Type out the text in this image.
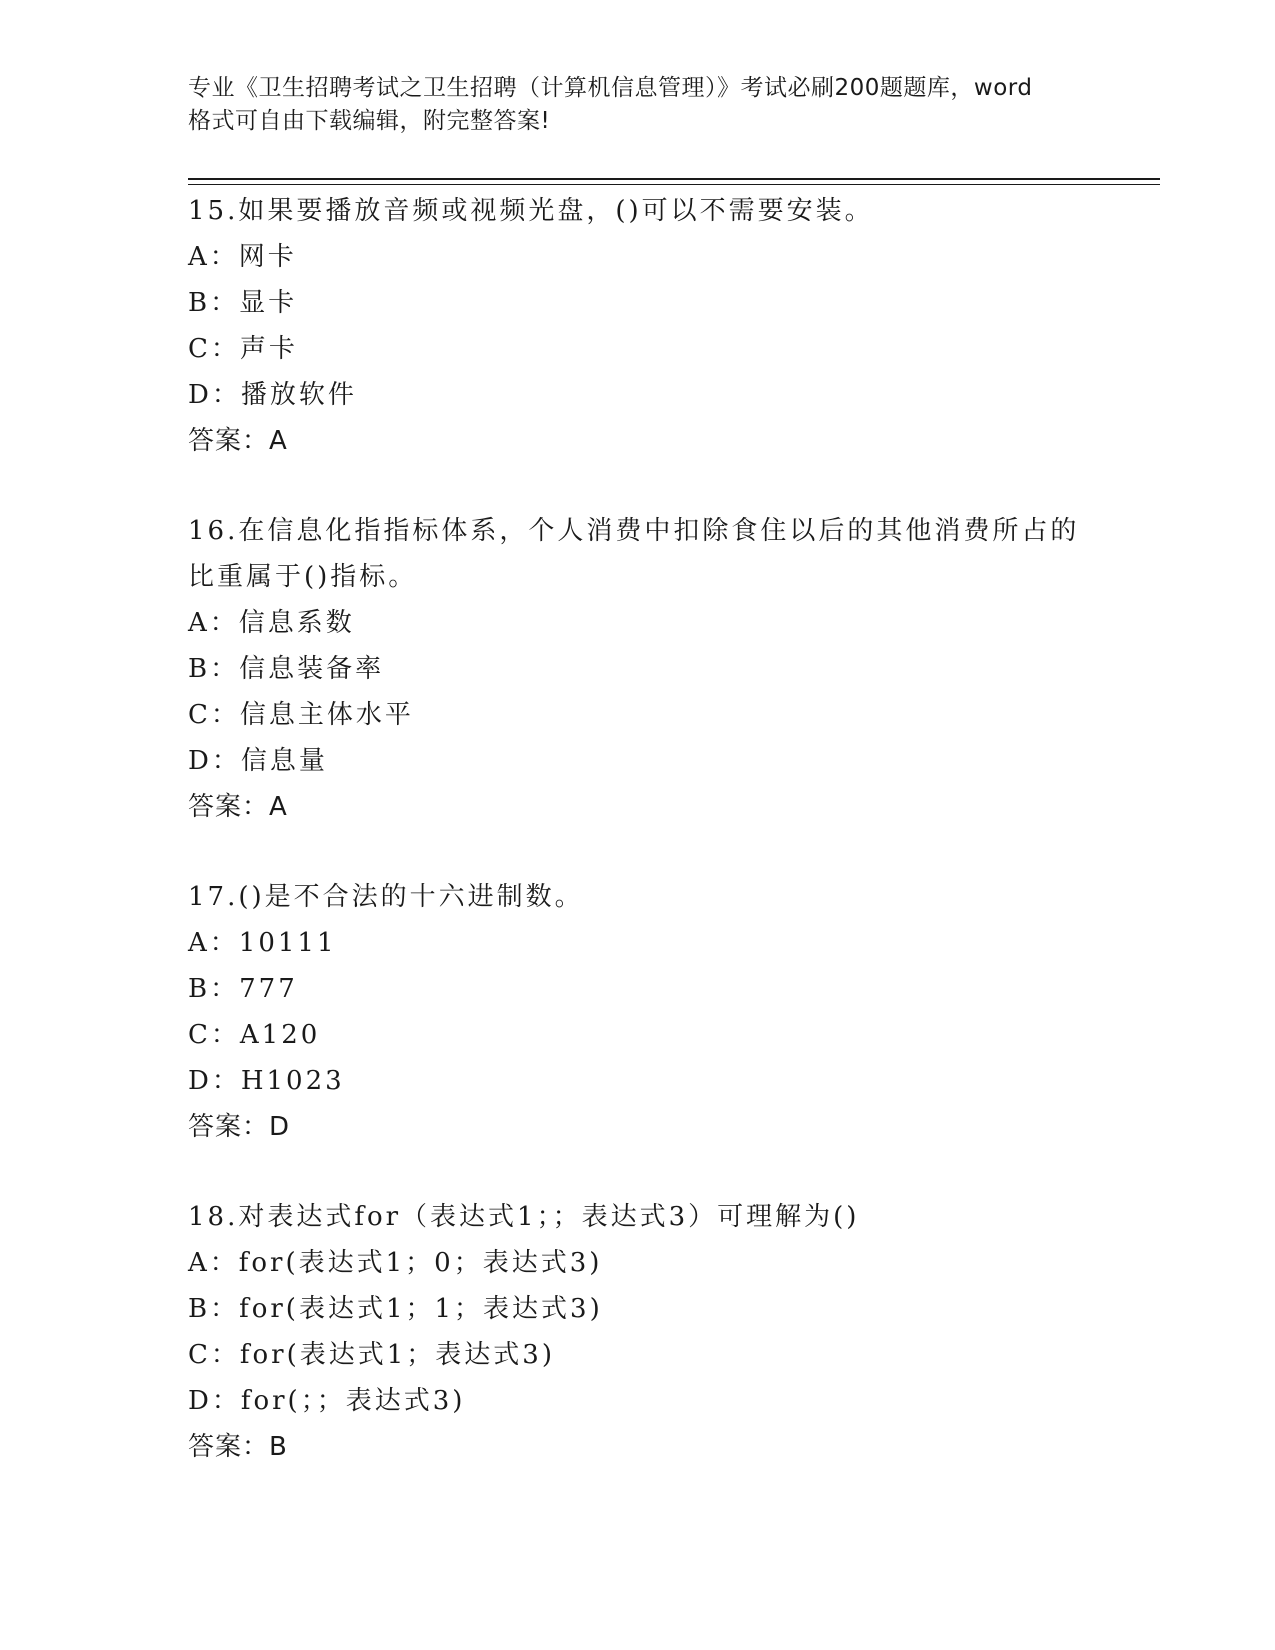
专业《卫生招聘考试之卫生招聘（计算机信息管理）》考试必刷200题题库，word
格式可自由下载编辑，附完整答案!
15.如果要播放音频或视频光盘，()可以不需要安装。
A：网卡
B：显卡
C：声卡
D：播放软件
答案：A
16.在信息化指指标体系，个人消费中扣除食住以后的其他消费所占的
比重属于()指标。
A：信息系数
B：信息装备率
C：信息主体水平
D：信息量
答案：A
17.()是不合法的十六进制数。
A：10111
B：777
C：A120
D：H1023
答案：D
18.对表达式for（表达式1；；表达式3）可理解为()
A：for(表达式1；0；表达式3)
B：for(表达式1；1；表达式3)
C：for(表达式1；表达式3)
D：for(；；表达式3)
答案：B
